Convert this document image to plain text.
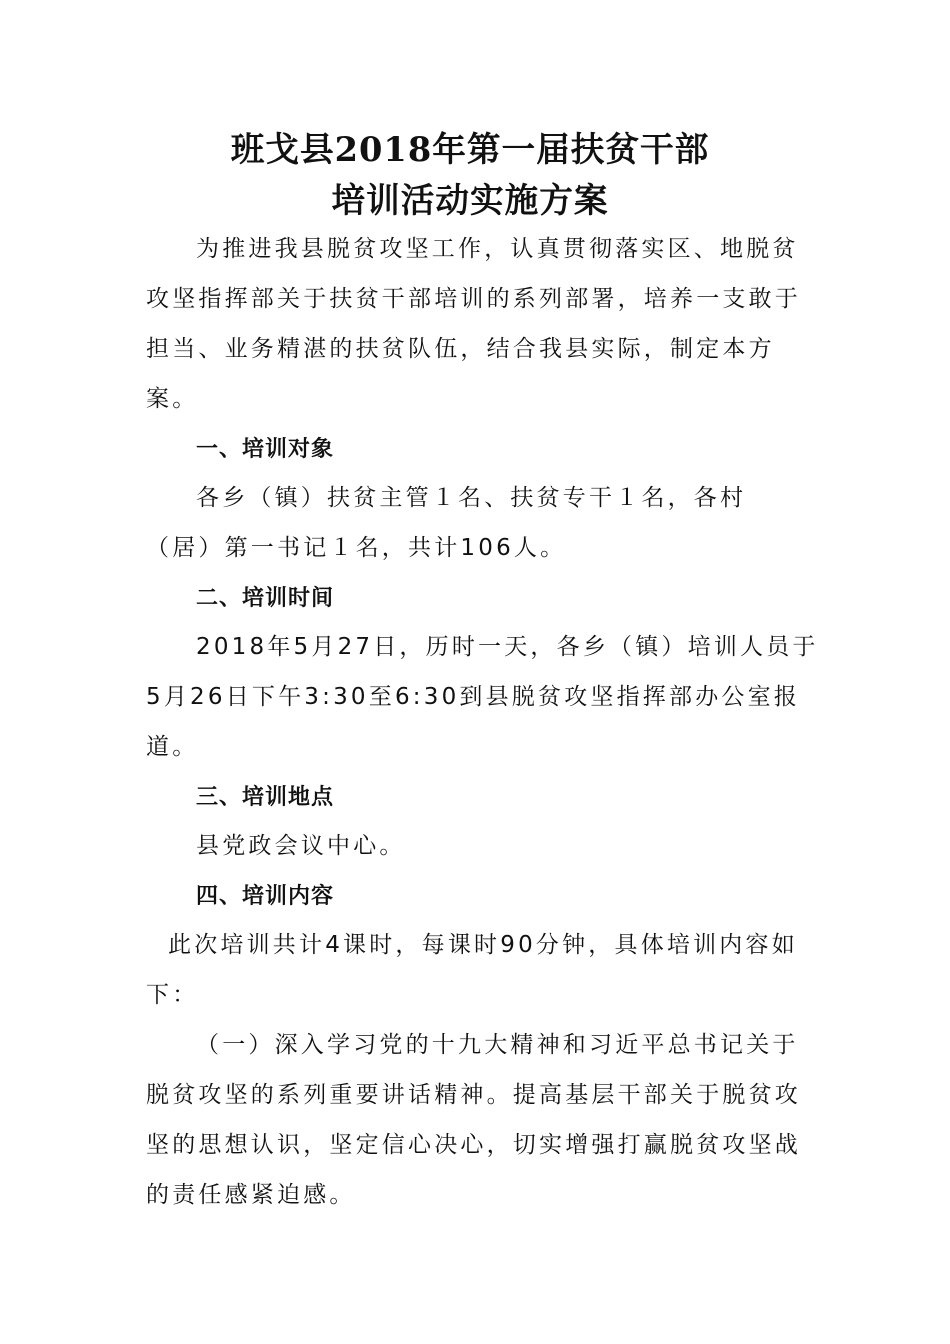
班戈县2018年第一届扶贫干部
培训活动实施方案
为推进我县脱贫攻坚工作，认真贯彻落实区、地脱贫
攻坚指挥部关于扶贫干部培训的系列部署，培养一支敢于
担当、业务精湛的扶贫队伍，结合我县实际，制定本方
案。
一、培训对象
各乡（镇）扶贫主管１名、扶贫专干１名，各村
（居）第一书记１名，共计106人。
二、培训时间
2018年5月27日，历时一天，各乡（镇）培训人员于
5月26日下午3:30至6:30到县脱贫攻坚指挥部办公室报
道。
三、培训地点
县党政会议中心。
四、培训内容
此次培训共计4课时，每课时90分钟，具体培训内容如
下：
（一）深入学习党的十九大精神和习近平总书记关于
脱贫攻坚的系列重要讲话精神。提高基层干部关于脱贫攻
坚的思想认识，坚定信心决心，切实增强打赢脱贫攻坚战
的责任感紧迫感。
